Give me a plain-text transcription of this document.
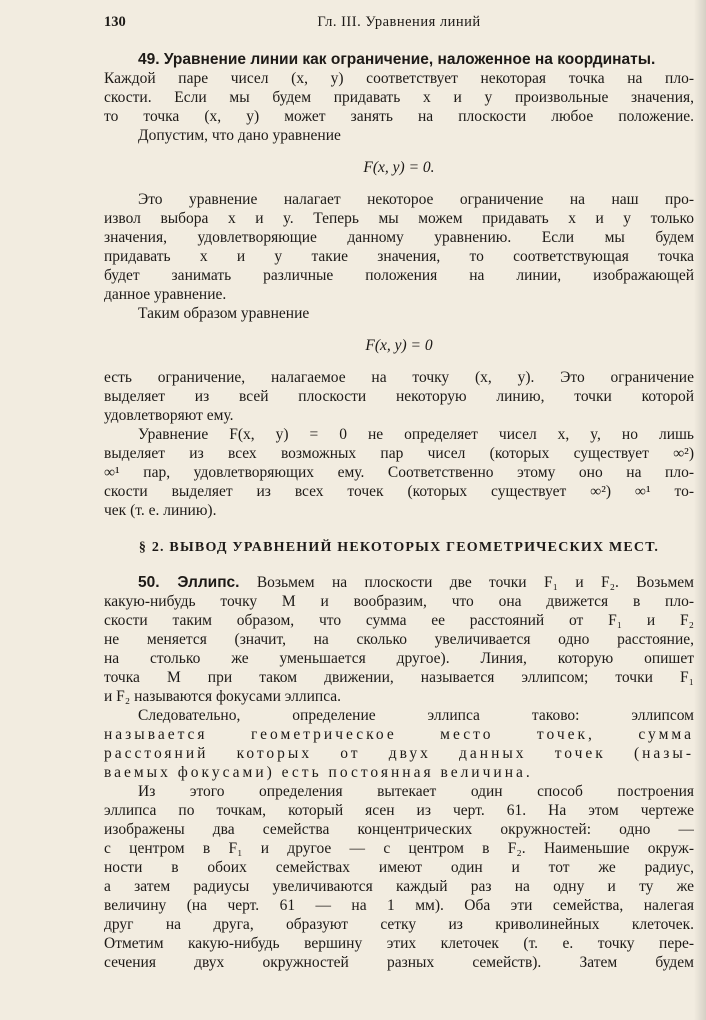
130	Гл. III. Уравнения линий

49. Уравнение линии как ограничение, наложенное на координаты.

Каждой паре чисел (x, y) соответствует некоторая точка на пло-

скости. Если мы будем придавать x и y произвольные значения,

то точка (x, y) может занять на плоскости любое положение.

Допустим, что дано уравнение

F(x, y) = 0.

Это уравнение налагает некоторое ограничение на наш про-

извол выбора x и y. Теперь мы можем придавать x и y только

значения, удовлетворяющие данному уравнению. Если мы будем

придавать x и y такие значения, то соответствующая точка

будет занимать различные положения на линии, изображающей

данное уравнение.

Таким образом уравнение

F(x, y) = 0

есть ограничение, налагаемое на точку (x, y). Это ограничение

выделяет из всей плоскости некоторую линию, точки которой

удовлетворяют ему.

Уравнение F(x, y) = 0 не определяет чисел x, y, но лишь

выделяет из всех возможных пар чисел (которых существует ∞²)

∞¹ пар, удовлетворяющих ему. Соответственно этому оно на пло-

скости выделяет из всех точек (которых существует ∞²) ∞¹ то-

чек (т. е. линию).

§ 2. ВЫВОД УРАВНЕНИЙ НЕКОТОРЫХ ГЕОМЕТРИЧЕСКИХ МЕСТ.

50. Эллипс. Возьмем на плоскости две точки F₁ и F₂. Возьмем

какую-нибудь точку M и вообразим, что она движется в пло-

скости таким образом, что сумма ее расстояний от F₁ и F₂

не меняется (значит, на сколько увеличивается одно расстояние,

на столько же уменьшается другое). Линия, которую опишет

точка M при таком движении, называется эллипсом; точки F₁

и F₂ называются фокусами эллипса.

Следовательно, определение эллипса таково: эллипсом

называется геометрическое место точек, сумма

расстояний которых от двух данных точек (назы-

ваемых фокусами) есть постоянная величина.

Из этого определения вытекает один способ построения

эллипса по точкам, который ясен из черт. 61. На этом чертеже

изображены два семейства концентрических окружностей: одно —

с центром в F₁ и другое — с центром в F₂. Наименьшие окруж-

ности в обоих семействах имеют один и тот же радиус,

а затем радиусы увеличиваются каждый раз на одну и ту же

величину (на черт. 61 — на 1 мм). Оба эти семейства, налегая

друг на друга, образуют сетку из криволинейных клеточек.

Отметим какую-нибудь вершину этих клеточек (т. е. точку пере-

сечения двух окружностей разных семейств). Затем будем
